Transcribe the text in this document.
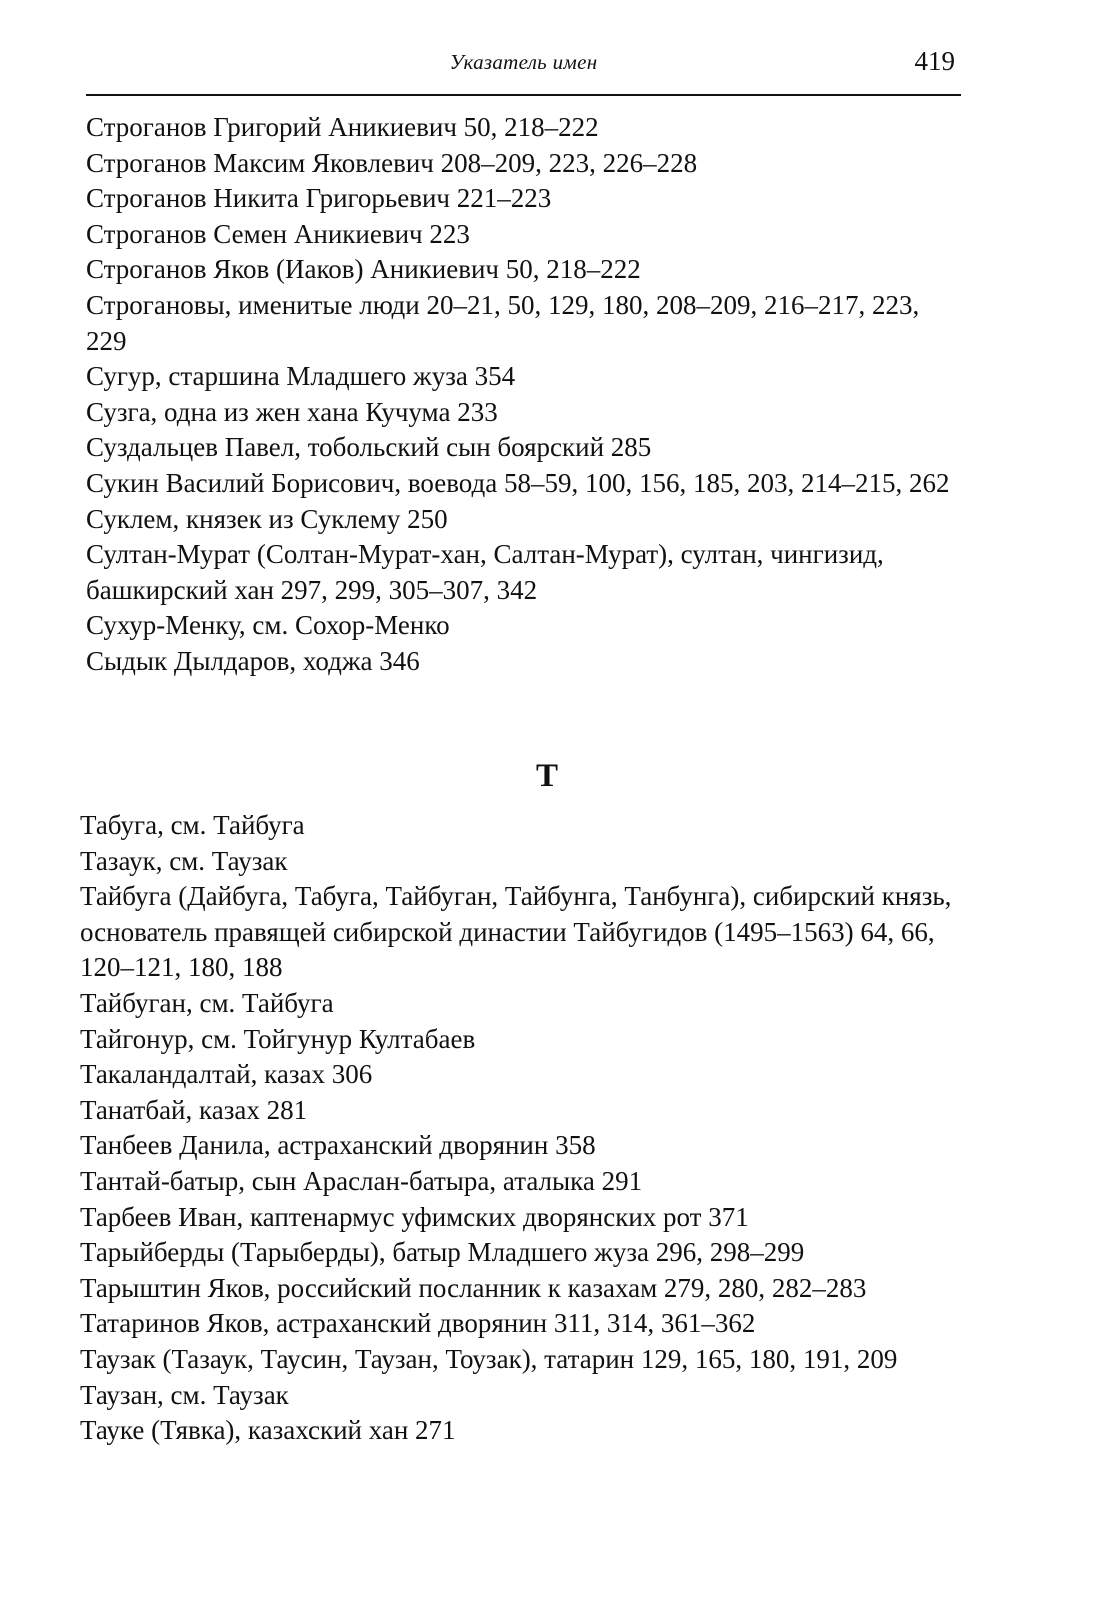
Указатель имен	419

Строганов Григорий Аникиевич 50, 218–222

Строганов Максим Яковлевич 208–209, 223, 226–228

Строганов Никита Григорьевич 221–223

Строганов Семен Аникиевич 223

Строганов Яков (Иаков) Аникиевич 50, 218–222

Строгановы, именитые люди 20–21, 50, 129, 180, 208–209, 216–217, 223, 229

Сугур, старшина Младшего жуза 354

Сузга, одна из жен хана Кучума 233

Суздальцев Павел, тобольский сын боярский 285

Сукин Василий Борисович, воевода 58–59, 100, 156, 185, 203, 214–215, 262

Суклем, князек из Суклему 250

Султан-Мурат (Солтан-Мурат-хан, Салтан-Мурат), султан, чингизид, башкирский хан 297, 299, 305–307, 342

Сухур-Менку, см. Сохор-Менко

Сыдык Дылдаров, ходжа 346

Т

Табуга, см. Тайбуга

Тазаук, см. Таузак

Тайбуга (Дайбуга, Табуга, Тайбуган, Тайбунга, Танбунга), сибирский князь, основатель правящей сибирской династии Тайбугидов (1495–1563) 64, 66, 120–121, 180, 188

Тайбуган, см. Тайбуга

Тайгонур, см. Тойгунур Култабаев

Такаландалтай, казах 306

Танатбай, казах 281

Танбеев Данила, астраханский дворянин 358

Тантай-батыр, сын Араслан-батыра, аталыка 291

Тарбеев Иван, каптенармус уфимских дворянских рот 371

Тарыйберды (Тарыберды), батыр Младшего жуза 296, 298–299

Тарыштин Яков, российский посланник к казахам 279, 280, 282–283

Татаринов Яков, астраханский дворянин 311, 314, 361–362

Таузак (Тазаук, Таусин, Таузан, Тоузак), татарин 129, 165, 180, 191, 209

Таузан, см. Таузак

Тауке (Тявка), казахский хан 271
